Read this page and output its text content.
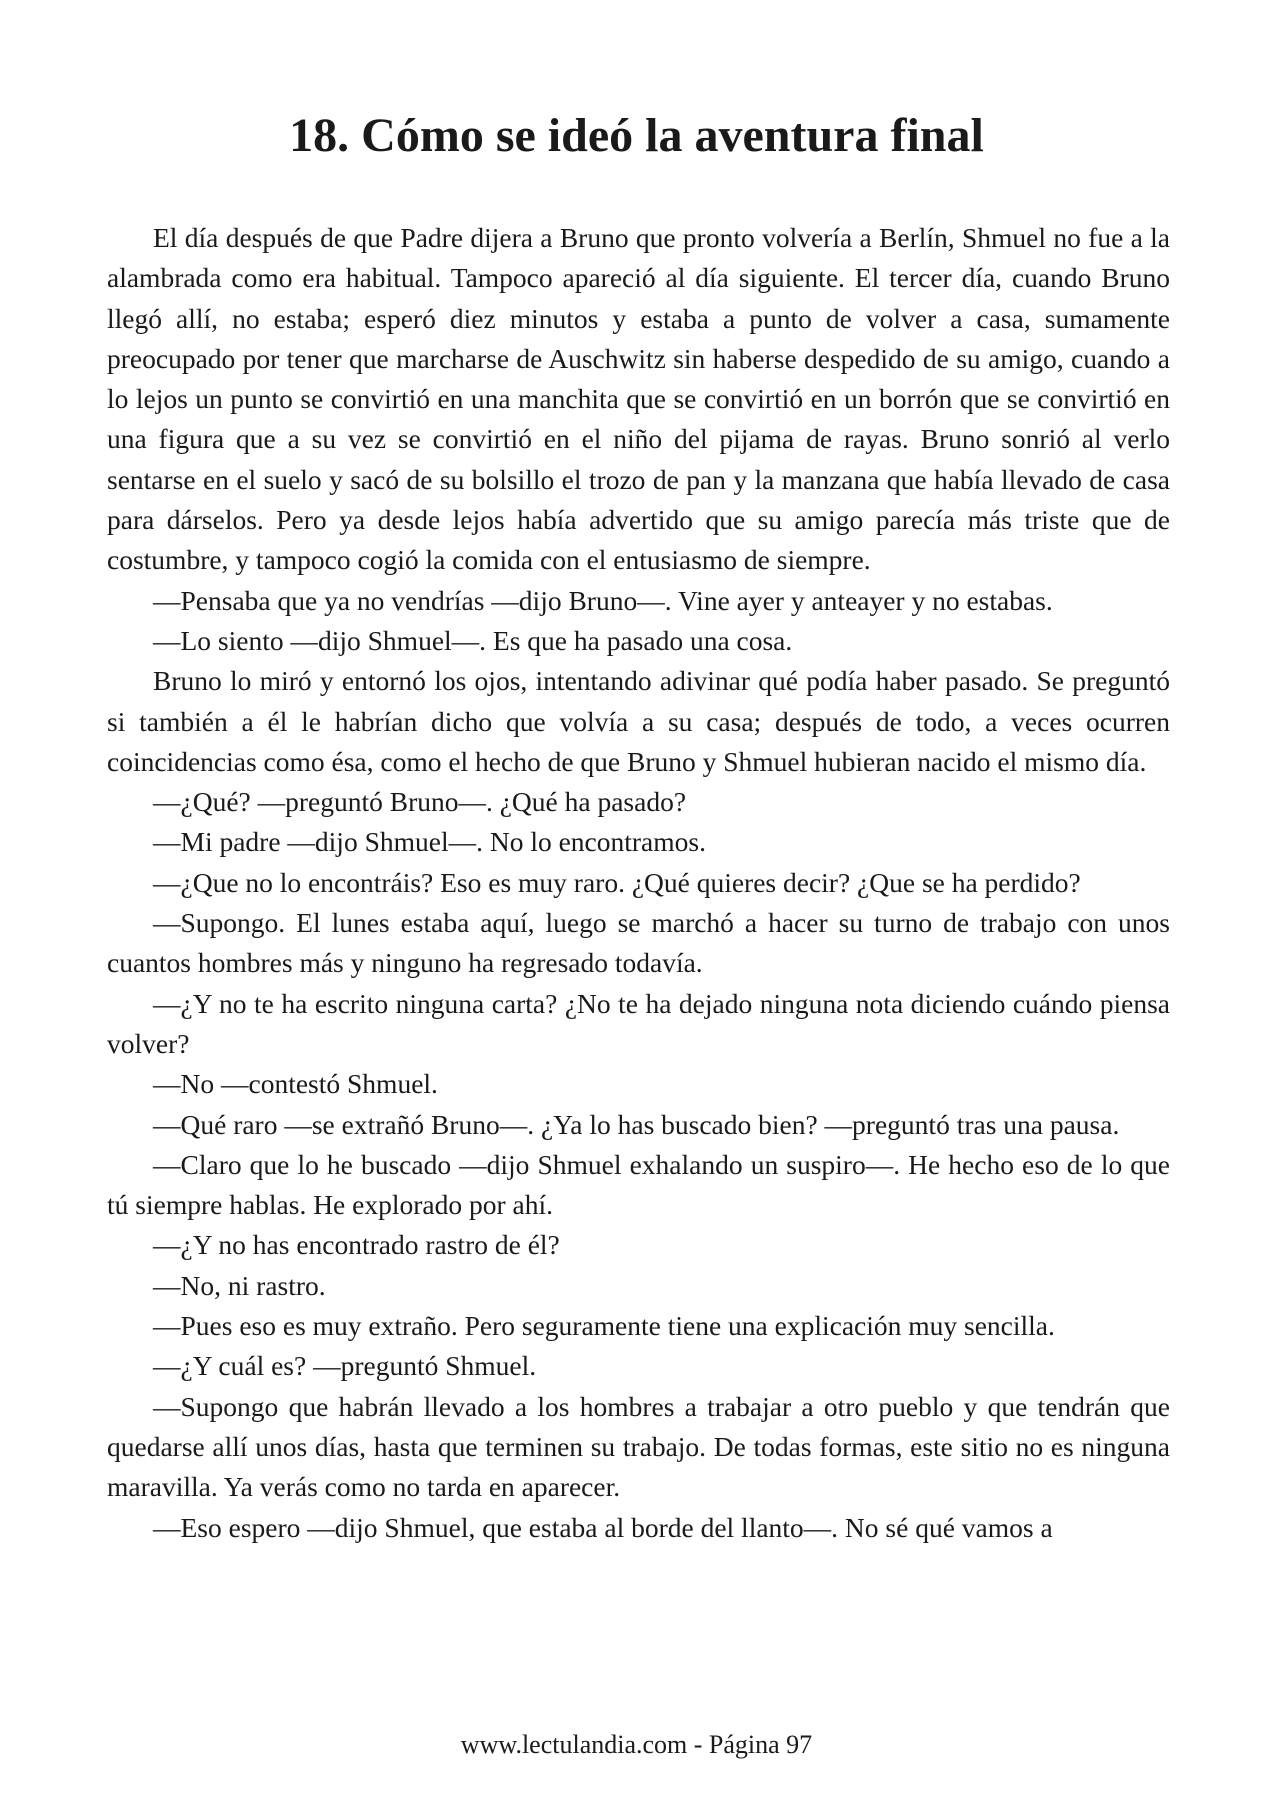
18. Cómo se ideó la aventura final

El día después de que Padre dijera a Bruno que pronto volvería a Berlín, Shmuel no fue a la alambrada como era habitual. Tampoco apareció al día siguiente. El tercer día, cuando Bruno llegó allí, no estaba; esperó diez minutos y estaba a punto de volver a casa, sumamente preocupado por tener que marcharse de Auschwitz sin haberse despedido de su amigo, cuando a lo lejos un punto se convirtió en una manchita que se convirtió en un borrón que se convirtió en una figura que a su vez se convirtió en el niño del pijama de rayas. Bruno sonrió al verlo sentarse en el suelo y sacó de su bolsillo el trozo de pan y la manzana que había llevado de casa para dárselos. Pero ya desde lejos había advertido que su amigo parecía más triste que de costumbre, y tampoco cogió la comida con el entusiasmo de siempre.

—Pensaba que ya no vendrías —dijo Bruno—. Vine ayer y anteayer y no estabas.

—Lo siento —dijo Shmuel—. Es que ha pasado una cosa.

Bruno lo miró y entornó los ojos, intentando adivinar qué podía haber pasado. Se preguntó si también a él le habrían dicho que volvía a su casa; después de todo, a veces ocurren coincidencias como ésa, como el hecho de que Bruno y Shmuel hubieran nacido el mismo día.

—¿Qué? —preguntó Bruno—. ¿Qué ha pasado?

—Mi padre —dijo Shmuel—. No lo encontramos.

—¿Que no lo encontráis? Eso es muy raro. ¿Qué quieres decir? ¿Que se ha perdido?

—Supongo. El lunes estaba aquí, luego se marchó a hacer su turno de trabajo con unos cuantos hombres más y ninguno ha regresado todavía.

—¿Y no te ha escrito ninguna carta? ¿No te ha dejado ninguna nota diciendo cuándo piensa volver?

—No —contestó Shmuel.

—Qué raro —se extrañó Bruno—. ¿Ya lo has buscado bien? —preguntó tras una pausa.

—Claro que lo he buscado —dijo Shmuel exhalando un suspiro—. He hecho eso de lo que tú siempre hablas. He explorado por ahí.

—¿Y no has encontrado rastro de él?

—No, ni rastro.

—Pues eso es muy extraño. Pero seguramente tiene una explicación muy sencilla.

—¿Y cuál es? —preguntó Shmuel.

—Supongo que habrán llevado a los hombres a trabajar a otro pueblo y que tendrán que quedarse allí unos días, hasta que terminen su trabajo. De todas formas, este sitio no es ninguna maravilla. Ya verás como no tarda en aparecer.

—Eso espero —dijo Shmuel, que estaba al borde del llanto—. No sé qué vamos a

www.lectulandia.com - Página 97
